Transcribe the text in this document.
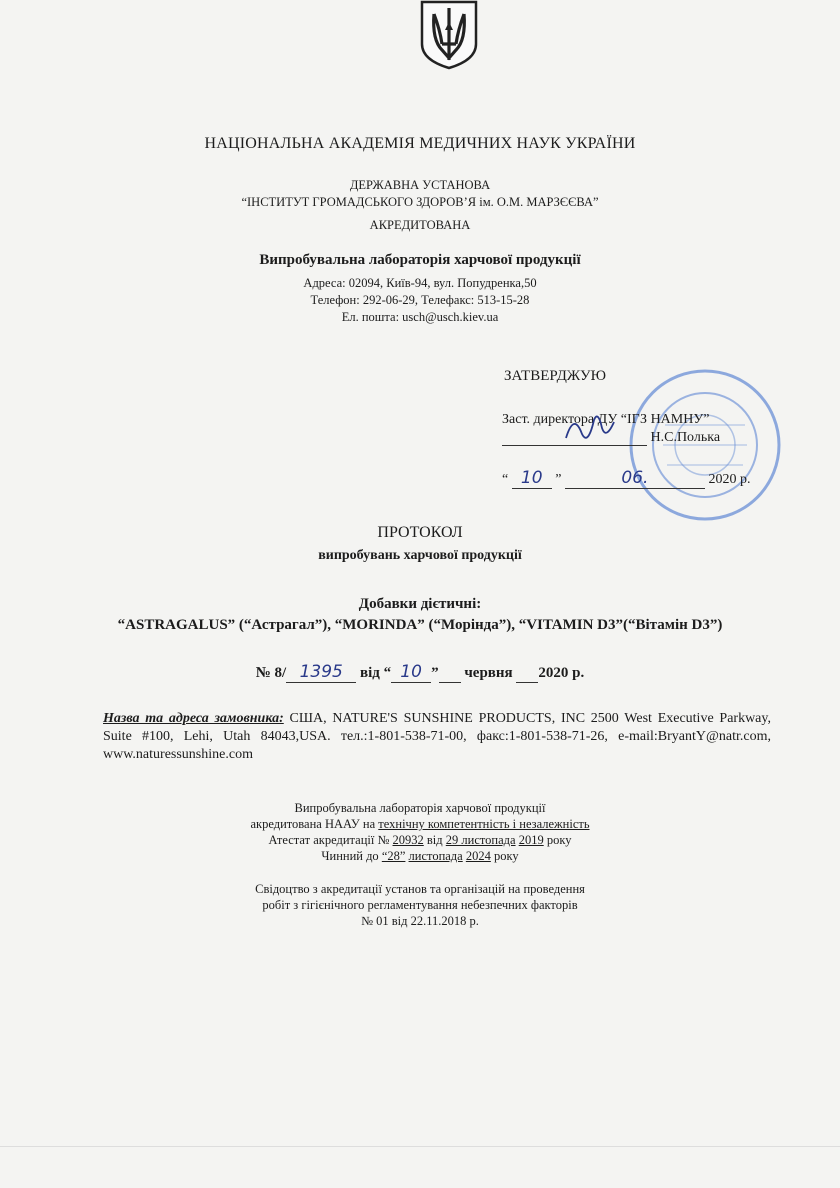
НАЦІОНАЛЬНА АКАДЕМІЯ МЕДИЧНИХ НАУК УКРАЇНИ
ДЕРЖАВНА УСТАНОВА
“ІНСТИТУТ ГРОМАДСЬКОГО ЗДОРОВ’Я ім. О.М. МАРЗЄЄВА”
АКРЕДИТОВАНА
Випробувальна лабораторія харчової продукції
Адреса: 02094, Київ-94, вул. Попудренка,50
Телефон: 292-06-29, Телефакс: 513-15-28
Ел. пошта: usch@usch.kiev.ua
ЗАТВЕРДЖУЮ
Заст. директора ДУ “ІГЗ НАМНУ”
Н.С.Полька
“ 10 ”	06.	2020 р.
ПРОТОКОЛ
випробувань харчової продукції
Добавки дієтичні:
“ASTRAGALUS” (“Астрагал”), “MORINDA” (“Моріндa”), “VITAMIN D3”(“Вітамін D3”)
№ 8/ 1395 від “ 10 ” червня 2020 р.
Назва та адреса замовника: США, NATURE'S SUNSHINE PRODUCTS, INC 2500 West Executive Parkway, Suite #100, Lehi, Utah 84043,USA. тел.:1-801-538-71-00, факс:1-801-538-71-26, e-mail:BryantY@natr.com, www.naturessunshine.com
Випробувальна лабораторія харчової продукції
акредитована НААУ на технічну компетентність і незалежність
Атестат акредитації № 20932 від 29 листопада 2019 року
Чинний до “28” листопада 2024 року
Свідоцтво з акредитації установ та організацій на проведення
робіт з гігієнічного регламентування небезпечних факторів
№ 01 від 22.11.2018 р.
